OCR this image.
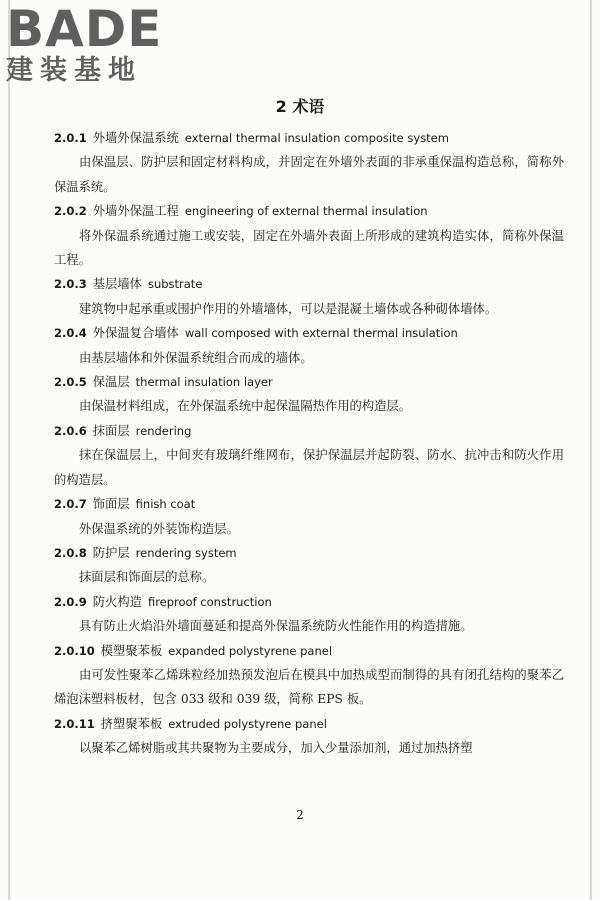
BADE
建装基地
2 术语

2.0.1 外墙外保温系统 external thermal insulation composite system

由保温层、防护层和固定材料构成，并固定在外墙外表面的非承重保温构造总称，简称外保温系统。

2.0.2 外墙外保温工程 engineering of external thermal insulation

将外保温系统通过施工或安装，固定在外墙外表面上所形成的建筑构造实体，简称外保温工程。

2.0.3 基层墙体 substrate

建筑物中起承重或围护作用的外墙墙体，可以是混凝土墙体或各种砌体墙体。

2.0.4 外保温复合墙体 wall composed with external thermal insulation

由基层墙体和外保温系统组合而成的墙体。

2.0.5 保温层 thermal insulation layer

由保温材料组成，在外保温系统中起保温隔热作用的构造层。

2.0.6 抹面层 rendering

抹在保温层上，中间夹有玻璃纤维网布，保护保温层并起防裂、防水、抗冲击和防火作用的构造层。

2.0.7 饰面层 finish coat

外保温系统的外装饰构造层。

2.0.8 防护层 rendering system

抹面层和饰面层的总称。

2.0.9 防火构造 fireproof construction

具有防止火焰沿外墙面蔓延和提高外保温系统防火性能作用的构造措施。

2.0.10 模塑聚苯板 expanded polystyrene panel

由可发性聚苯乙烯珠粒经加热预发泡后在模具中加热成型而制得的具有闭孔结构的聚苯乙烯泡沫塑料板材，包含 033 级和 039 级，简称 EPS 板。

2.0.11 挤塑聚苯板 extruded polystyrene panel

以聚苯乙烯树脂或其共聚物为主要成分，加入少量添加剂，通过加热挤塑

2
